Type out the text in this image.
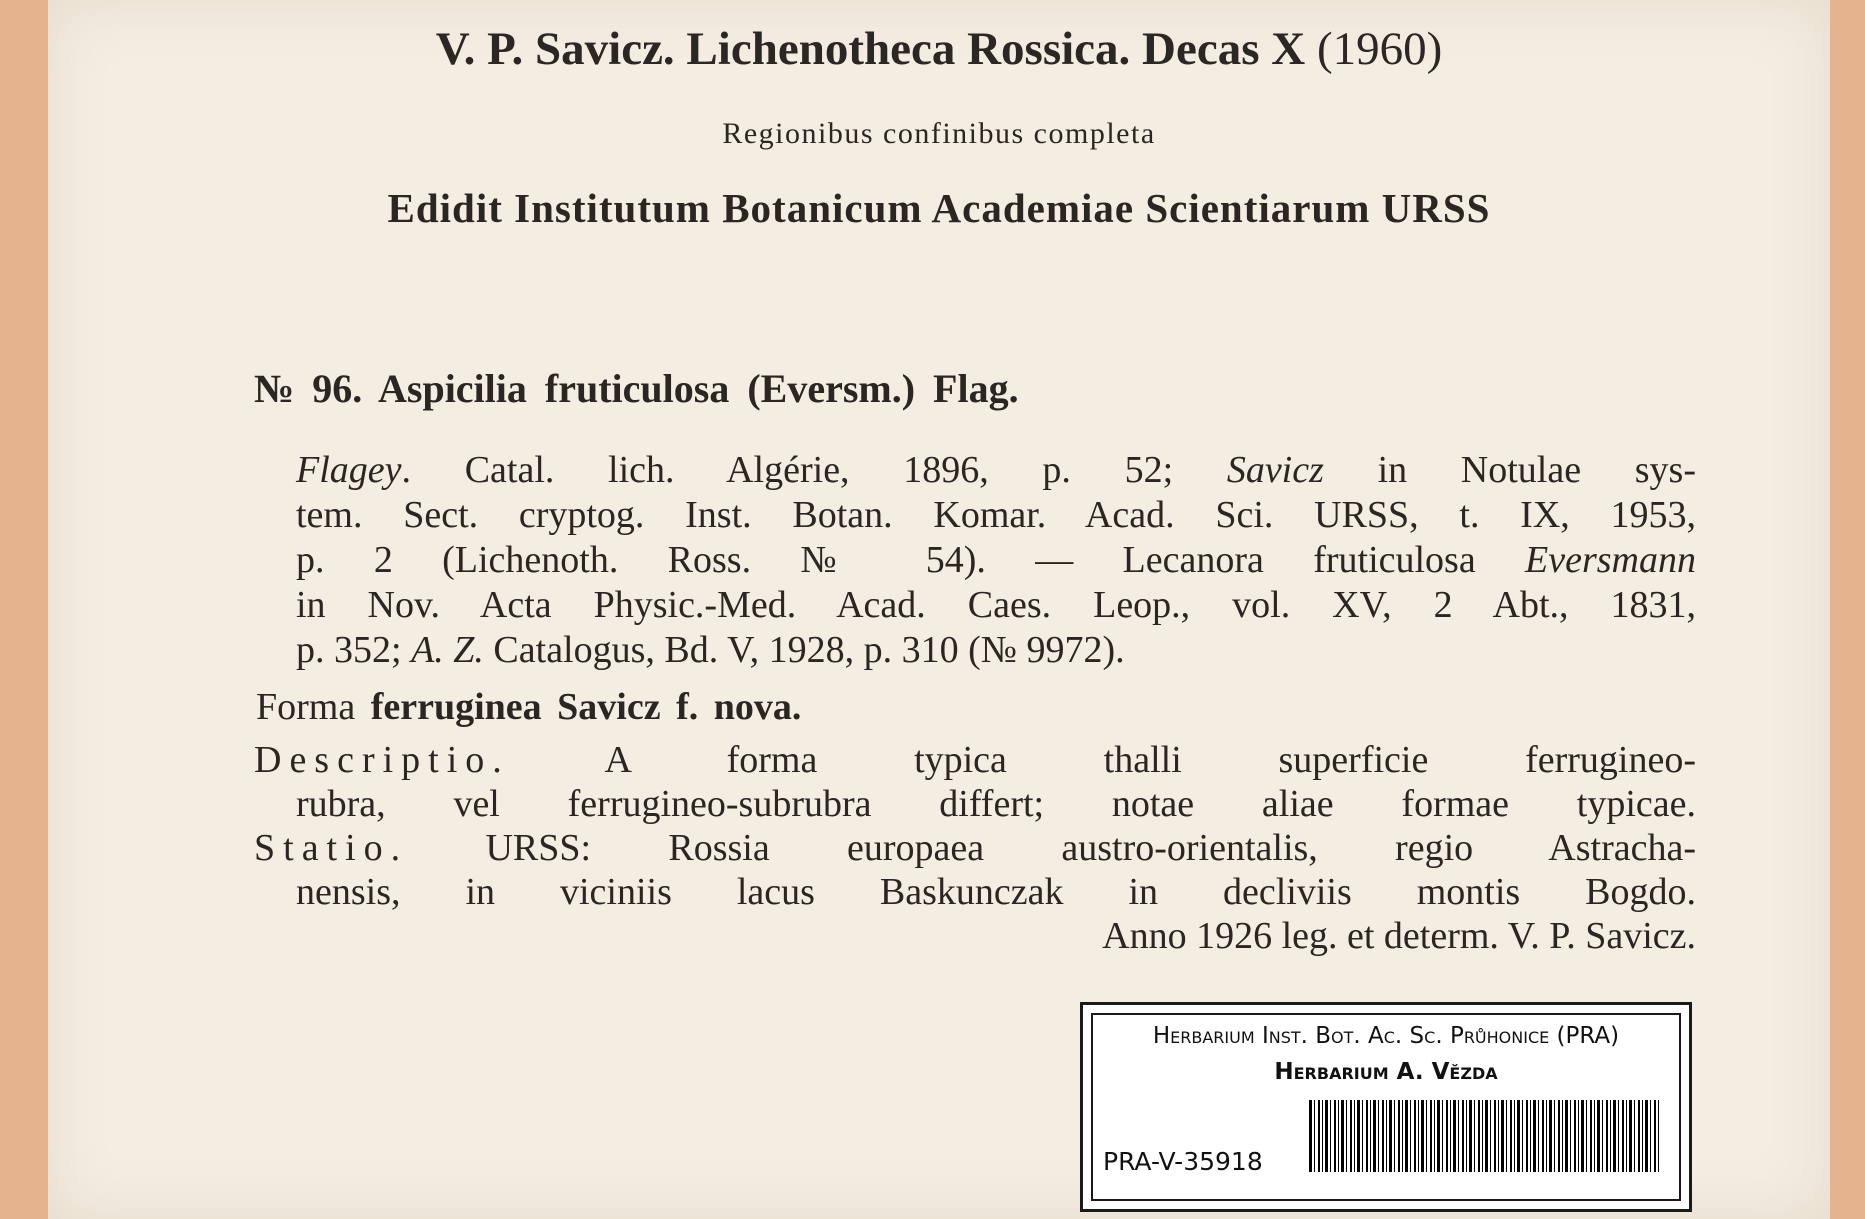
V. P. Savicz. Lichenotheca Rossica. Decas X (1960)
Regionibus confinibus completa
Edidit Institutum Botanicum Academiae Scientiarum URSS
№ 96. Aspicilia fruticulosa (Eversm.) Flag.
Flagey. Catal. lich. Algérie, 1896, p. 52; Savicz in Notulae sys-
tem. Sect. cryptog. Inst. Botan. Komar. Acad. Sci. URSS, t. IX, 1953,
p. 2 (Lichenoth. Ross. № 54). — Lecanora fruticulosa Eversmann
in Nov. Acta Physic.-Med. Acad. Caes. Leop., vol. XV, 2 Abt., 1831,
p. 352; A. Z. Catalogus, Bd. V, 1928, p. 310 (№ 9972).
Forma ferruginea Savicz f. nova.
Descriptio. A forma typica thalli superficie ferrugineo-
rubra, vel ferrugineo-subrubra differt; notae aliae formae typicae.
Statio. URSS: Rossia europaea austro-orientalis, regio Astracha-
nensis, in viciniis lacus Baskunczak in decliviis montis Bogdo.
Anno 1926 leg. et determ. V. P. Savicz.
Herbarium Inst. Bot. Ac. Sc. Průhonice (PRA)
Herbarium A. Vězda
PRA-V-35918
